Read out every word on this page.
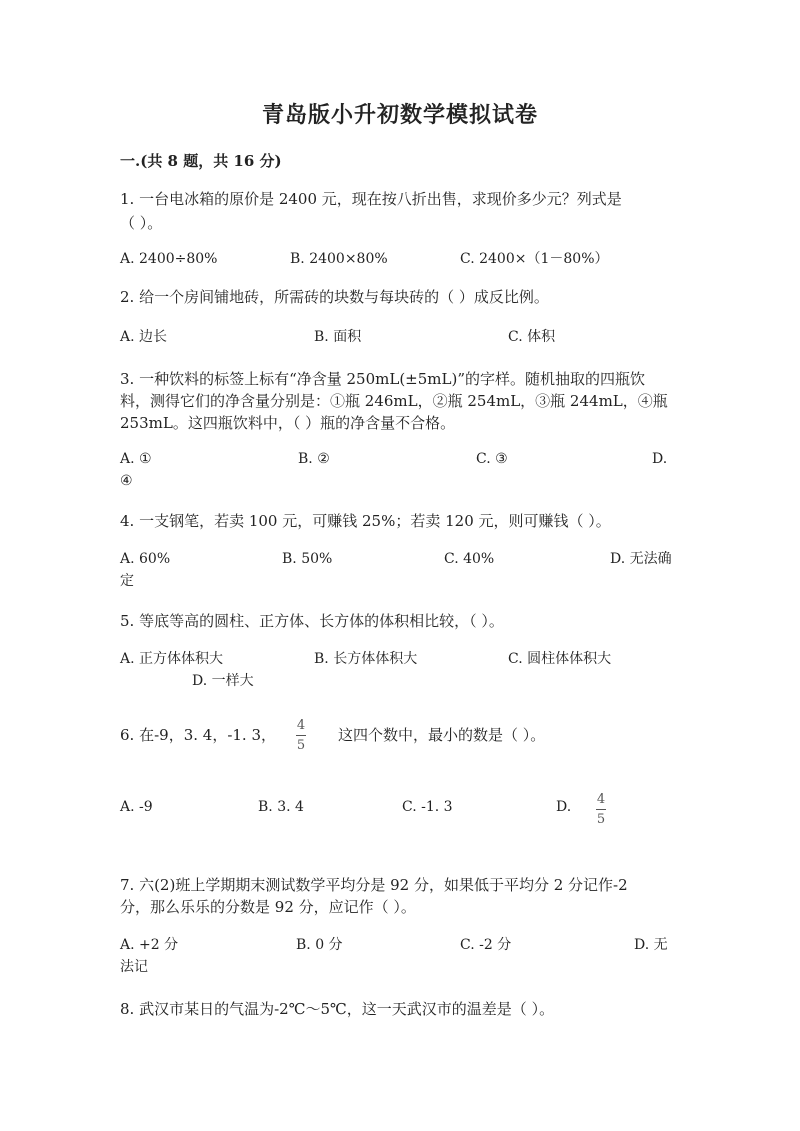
青岛版小升初数学模拟试卷
一.(共 8 题，共 16 分)
1. 一台电冰箱的原价是 2400 元，现在按八折出售，求现价多少元？列式是
（ ）。
A. 2400÷80%	B. 2400×80%	C. 2400×（1－80%）
2. 给一个房间铺地砖，所需砖的块数与每块砖的（ ）成反比例。
A. 边长	B. 面积	C. 体积
3. 一种饮料的标签上标有“净含量 250mL(±5mL)”的字样。随机抽取的四瓶饮
料，测得它们的净含量分别是：①瓶 246mL，②瓶 254mL，③瓶 244mL，④瓶
253mL。这四瓶饮料中，（ ）瓶的净含量不合格。
A. ①	B. ②	C. ③	D.
④
4. 一支钢笔，若卖 100 元，可赚钱 25%；若卖 120 元，则可赚钱（ ）。
A. 60%	B. 50%	C. 40%	D. 无法确
定
5. 等底等高的圆柱、正方体、长方体的体积相比较，（ ）。
A. 正方体体积大	B. 长方体体积大	C. 圆柱体体积大
D. 一样大
6. 在-9，3. 4，-1. 3，
4
5
这四个数中，最小的数是（ ）。
A. -9	B. 3. 4	C. -1. 3	D. 4
5
7. 六(2)班上学期期末测试数学平均分是 92 分，如果低于平均分 2 分记作-2
分，那么乐乐的分数是 92 分，应记作（ ）。
A. +2 分	B. 0 分	C. -2 分	D. 无
法记
8. 武汉市某日的气温为-2℃～5℃，这一天武汉市的温差是（ ）。
